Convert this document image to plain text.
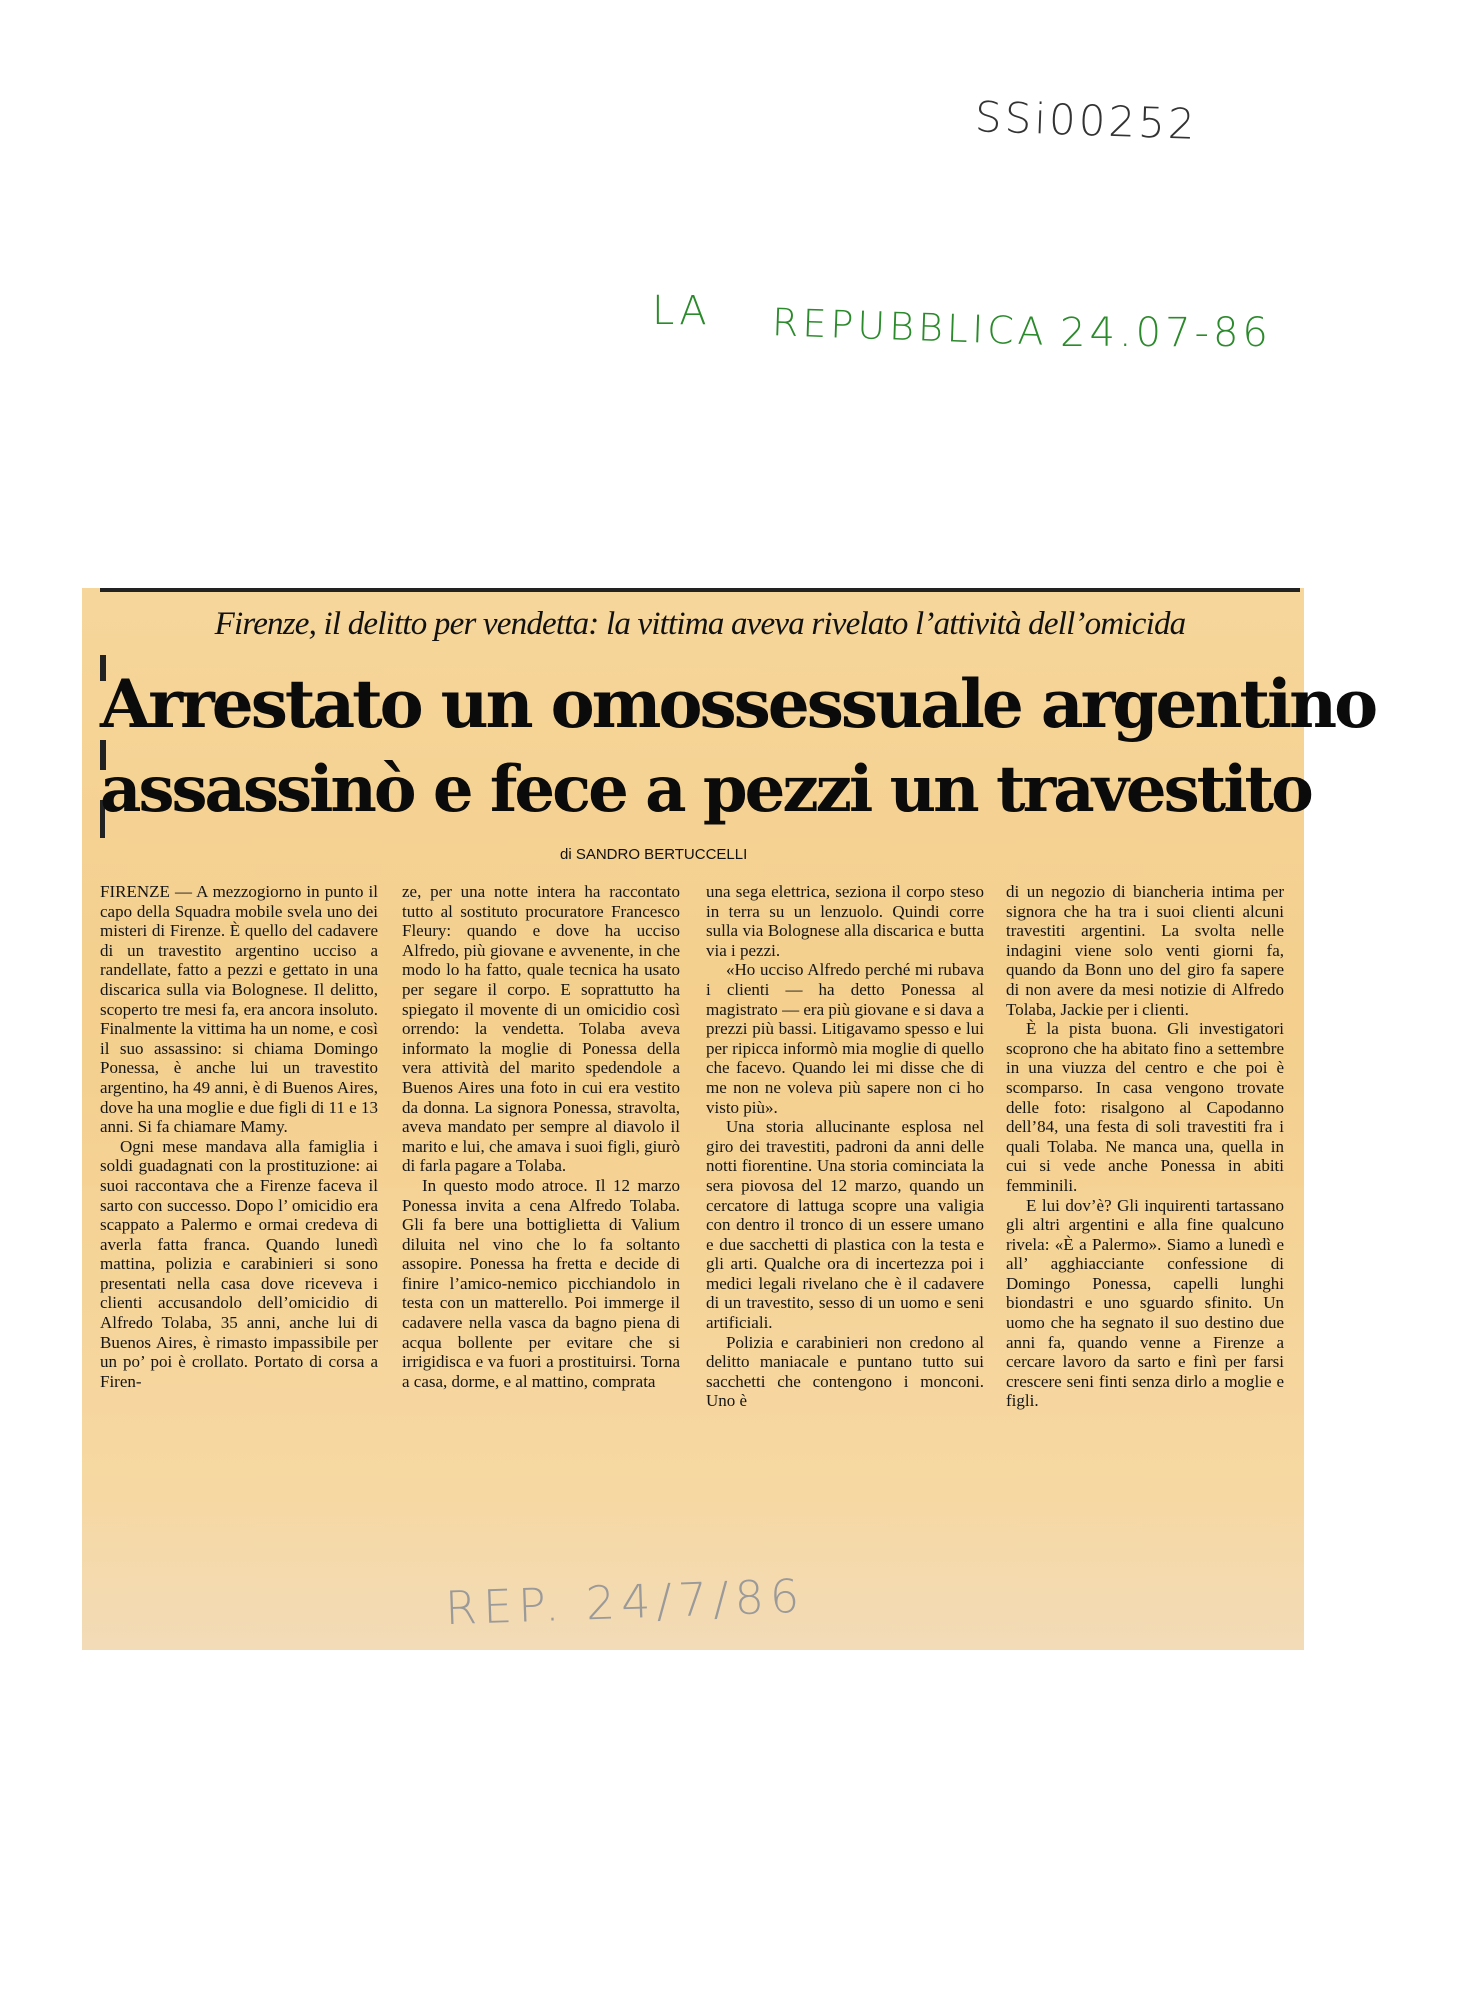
SSi00252
LA REPUBBLICA 24.07-86
Firenze, il delitto per vendetta: la vittima aveva rivelato l’attività dell’omicida
Arrestato un omossessuale argentino
assassinò e fece a pezzi un travestito
di SANDRO BERTUCCELLI

FIRENZE — A mezzogiorno in punto il capo della Squadra mobile svela uno dei misteri di Firenze. È quello del cadavere di un travestito argentino ucciso a randellate, fatto a pezzi e gettato in una discarica sulla via Bolognese. Il delitto, scoperto tre mesi fa, era ancora insoluto. Finalmente la vittima ha un nome, e così il suo assassino: si chiama Domingo Ponessa, è anche lui un travestito argentino, ha 49 anni, è di Buenos Aires, dove ha una moglie e due figli di 11 e 13 anni. Si fa chiamare Mamy.

Ogni mese mandava alla famiglia i soldi guadagnati con la prostituzione: ai suoi raccontava che a Firenze faceva il sarto con successo. Dopo l’ omicidio era scappato a Palermo e ormai credeva di averla fatta franca. Quando lunedì mattina, polizia e carabinieri si sono presentati nella casa dove riceveva i clienti accusandolo dell’omicidio di Alfredo Tolaba, 35 anni, anche lui di Buenos Aires, è rimasto impassibile per un po’ poi è crollato. Portato di corsa a Firen-

ze, per una notte intera ha raccontato tutto al sostituto procuratore Francesco Fleury: quando e dove ha ucciso Alfredo, più giovane e avvenente, in che modo lo ha fatto, quale tecnica ha usato per segare il corpo. E soprattutto ha spiegato il movente di un omicidio così orrendo: la vendetta. Tolaba aveva informato la moglie di Ponessa della vera attività del marito spedendole a Buenos Aires una foto in cui era vestito da donna. La signora Ponessa, stravolta, aveva mandato per sempre al diavolo il marito e lui, che amava i suoi figli, giurò di farla pagare a Tolaba.

In questo modo atroce. Il 12 marzo Ponessa invita a cena Alfredo Tolaba. Gli fa bere una bottiglietta di Valium diluita nel vino che lo fa soltanto assopire. Ponessa ha fretta e decide di finire l’amico-nemico picchiandolo in testa con un matterello. Poi immerge il cadavere nella vasca da bagno piena di acqua bollente per evitare che si irrigidisca e va fuori a prostituirsi. Torna a casa, dorme, e al mattino, comprata

una sega elettrica, seziona il corpo steso in terra su un lenzuolo. Quindi corre sulla via Bolognese alla discarica e butta via i pezzi.

«Ho ucciso Alfredo perché mi rubava i clienti — ha detto Ponessa al magistrato — era più giovane e si dava a prezzi più bassi. Litigavamo spesso e lui per ripicca informò mia moglie di quello che facevo. Quando lei mi disse che di me non ne voleva più sapere non ci ho visto più».

Una storia allucinante esplosa nel giro dei travestiti, padroni da anni delle notti fiorentine. Una storia cominciata la sera piovosa del 12 marzo, quando un cercatore di lattuga scopre una valigia con dentro il tronco di un essere umano e due sacchetti di plastica con la testa e gli arti. Qualche ora di incertezza poi i medici legali rivelano che è il cadavere di un travestito, sesso di un uomo e seni artificiali.

Polizia e carabinieri non credono al delitto maniacale e puntano tutto sui sacchetti che contengono i monconi. Uno è

di un negozio di biancheria intima per signora che ha tra i suoi clienti alcuni travestiti argentini. La svolta nelle indagini viene solo venti giorni fa, quando da Bonn uno del giro fa sapere di non avere da mesi notizie di Alfredo Tolaba, Jackie per i clienti.

È la pista buona. Gli investigatori scoprono che ha abitato fino a settembre in una viuzza del centro e che poi è scomparso. In casa vengono trovate delle foto: risalgono al Capodanno dell’84, una festa di soli travestiti fra i quali Tolaba. Ne manca una, quella in cui si vede anche Ponessa in abiti femminili.

E lui dov’è? Gli inquirenti tartassano gli altri argentini e alla fine qualcuno rivela: «È a Palermo». Siamo a lunedì e all’ agghiacciante confessione di Domingo Ponessa, capelli lunghi biondastri e uno sguardo sfinito. Un uomo che ha segnato il suo destino due anni fa, quando venne a Firenze a cercare lavoro da sarto e finì per farsi crescere seni finti senza dirlo a moglie e figli.

REP. 24/7/86
